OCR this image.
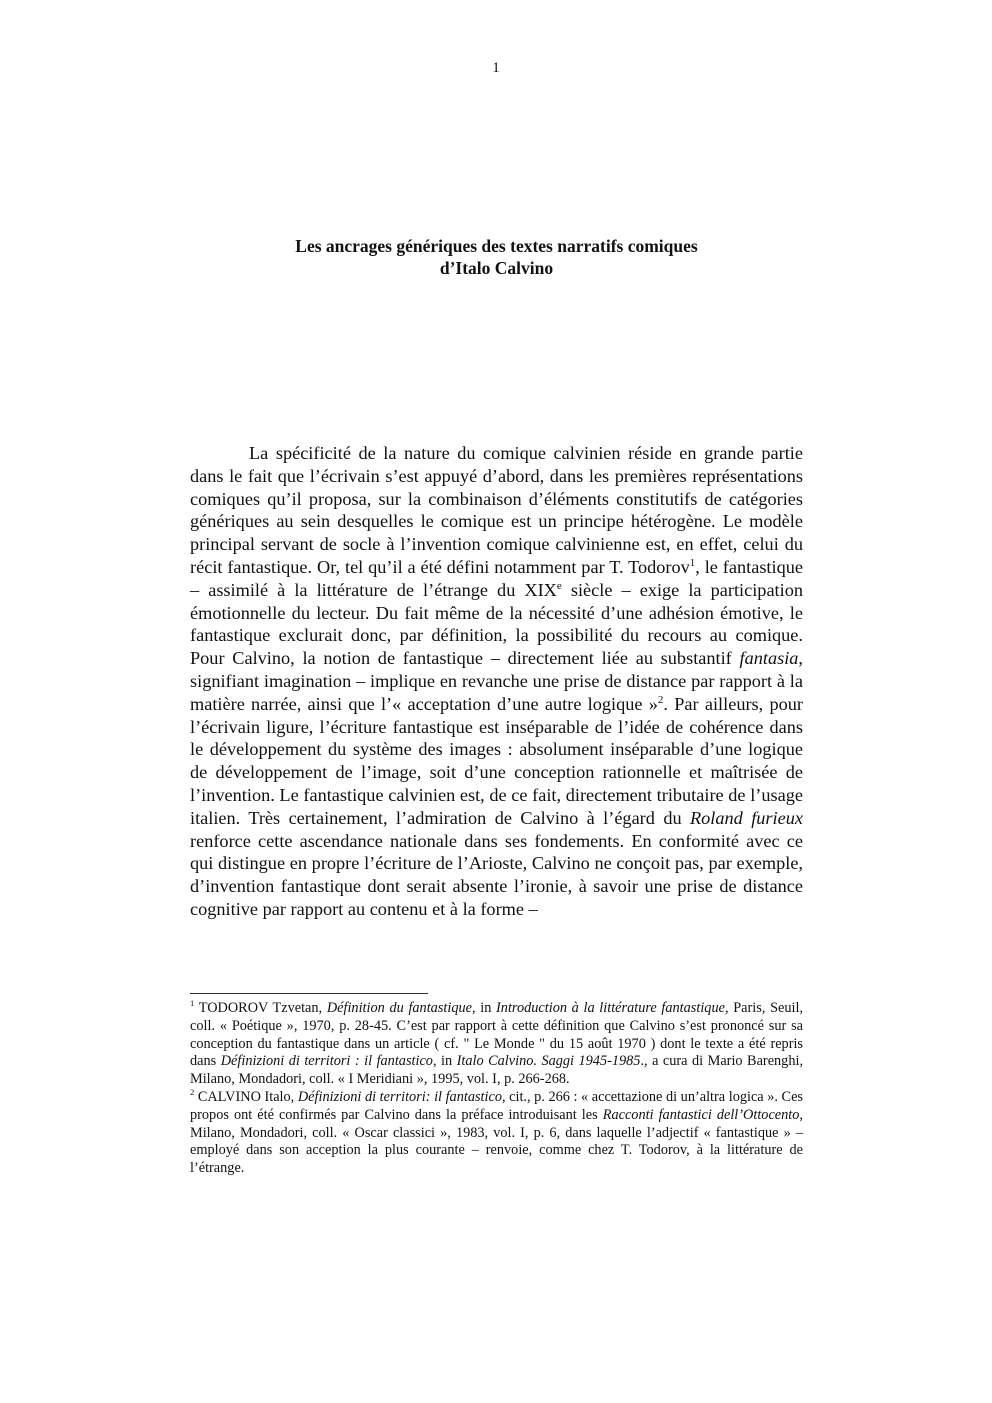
1
Les ancrages génériques des textes narratifs comiques
d’Italo Calvino

La spécificité de la nature du comique calvinien réside en grande partie dans le fait que l’écrivain s’est appuyé d’abord, dans les premières représentations comiques qu’il proposa, sur la combinaison d’éléments constitutifs de catégories génériques au sein desquelles le comique est un principe hétérogène. Le modèle principal servant de socle à l’invention comique calvinienne est, en effet, celui du récit fantastique. Or, tel qu’il a été défini notamment par T. Todorov$^1$, le fantastique – assimilé à la littérature de l’étrange du XIXe siècle – exige la participation émotionnelle du lecteur. Du fait même de la nécessité d’une adhésion émotive, le fantastique exclurait donc, par définition, la possibilité du recours au comique. Pour Calvino, la notion de fantastique – directement liée au substantif fantasia, signifiant imagination – implique en revanche une prise de distance par rapport à la matière narrée, ainsi que l’« acceptation d’une autre logique »$^2$. Par ailleurs, pour l’écrivain ligure, l’écriture fantastique est inséparable de l’idée de cohérence dans le développement du système des images : absolument inséparable d’une logique de développement de l’image, soit d’une conception rationnelle et maîtrisée de l’invention. Le fantastique calvinien est, de ce fait, directement tributaire de l’usage italien. Très certainement, l’admiration de Calvino à l’égard du Roland furieux renforce cette ascendance nationale dans ses fondements. En conformité avec ce qui distingue en propre l’écriture de l’Arioste, Calvino ne conçoit pas, par exemple, d’invention fantastique dont serait absente l’ironie, à savoir une prise de distance cognitive par rapport au contenu et à la forme –

$^1$ TODOROV Tzvetan, Définition du fantastique, in Introduction à la littérature fantastique, Paris, Seuil, coll. « Poétique », 1970, p. 28-45. C’est par rapport à cette définition que Calvino s’est prononcé sur sa conception du fantastique dans un article ( cf. " Le Monde " du 15 août 1970 ) dont le texte a été repris dans Définizioni di territori : il fantastico, in Italo Calvino. Saggi 1945-1985., a cura di Mario Barenghi, Milano, Mondadori, coll. « I Meridiani », 1995, vol. I, p. 266-268.

$^2$ CALVINO Italo, Définizioni di territori: il fantastico, cit., p. 266 : « accettazione di un’altra logica ». Ces propos ont été confirmés par Calvino dans la préface introduisant les Racconti fantastici dell’Ottocento, Milano, Mondadori, coll. « Oscar classici », 1983, vol. I, p. 6, dans laquelle l’adjectif « fantastique » – employé dans son acception la plus courante – renvoie, comme chez T. Todorov, à la littérature de l’étrange.
